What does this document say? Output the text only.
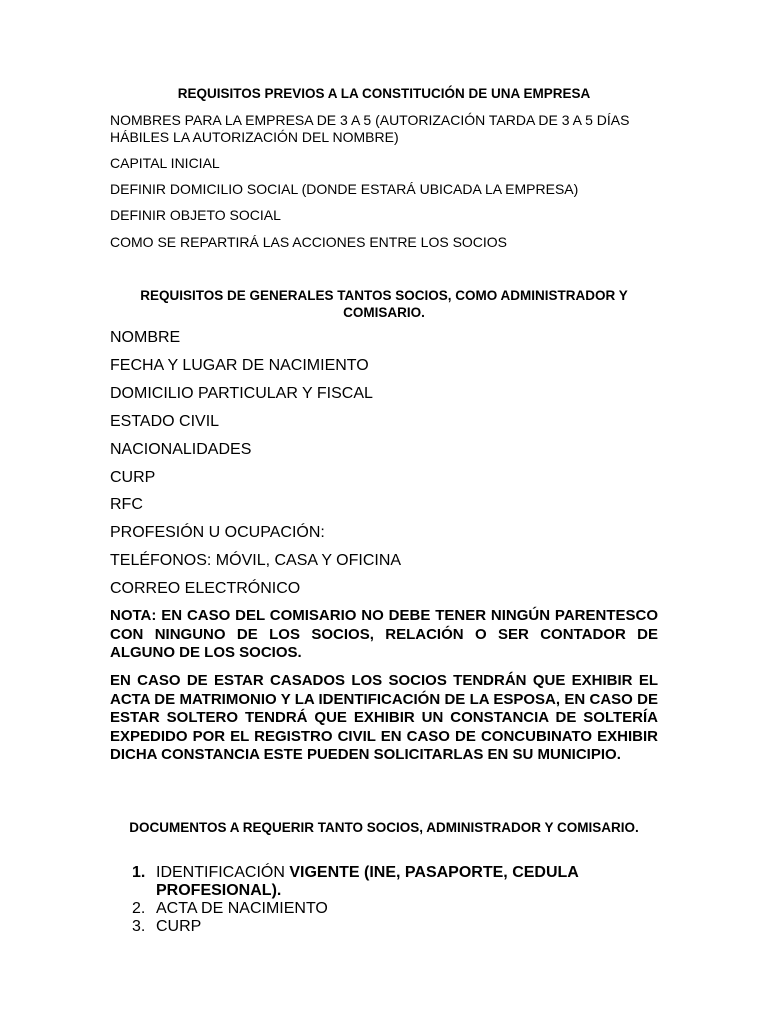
REQUISITOS PREVIOS A LA CONSTITUCIÓN DE UNA EMPRESA

NOMBRES PARA LA EMPRESA DE 3 A 5 (AUTORIZACIÓN TARDA DE 3 A 5 DÍAS HÁBILES LA AUTORIZACIÓN DEL NOMBRE)

CAPITAL INICIAL

DEFINIR DOMICILIO SOCIAL (DONDE ESTARÁ UBICADA LA EMPRESA)

DEFINIR OBJETO SOCIAL

COMO SE REPARTIRÁ LAS ACCIONES ENTRE LOS SOCIOS

REQUISITOS DE GENERALES TANTOS SOCIOS, COMO ADMINISTRADOR Y COMISARIO.

NOMBRE

FECHA Y LUGAR DE NACIMIENTO

DOMICILIO PARTICULAR Y FISCAL

ESTADO CIVIL

NACIONALIDADES

CURP

RFC

PROFESIÓN U OCUPACIÓN:

TELÉFONOS: MÓVIL, CASA Y OFICINA

CORREO ELECTRÓNICO

NOTA: EN CASO DEL COMISARIO NO DEBE TENER NINGÚN PARENTESCO CON NINGUNO DE LOS SOCIOS, RELACIÓN O SER CONTADOR DE ALGUNO DE LOS SOCIOS.

EN CASO DE ESTAR CASADOS LOS SOCIOS TENDRÁN QUE EXHIBIR EL ACTA DE MATRIMONIO Y LA IDENTIFICACIÓN DE LA ESPOSA, EN CASO DE ESTAR SOLTERO TENDRÁ QUE EXHIBIR UN CONSTANCIA DE SOLTERÍA EXPEDIDO POR EL REGISTRO CIVIL EN CASO DE CONCUBINATO EXHIBIR DICHA CONSTANCIA ESTE PUEDEN SOLICITARLAS EN SU MUNICIPIO.

DOCUMENTOS A REQUERIR TANTO SOCIOS, ADMINISTRADOR Y COMISARIO.

1. IDENTIFICACIÓN VIGENTE (INE, PASAPORTE, CEDULA PROFESIONAL).
2. ACTA DE NACIMIENTO
3. CURP
